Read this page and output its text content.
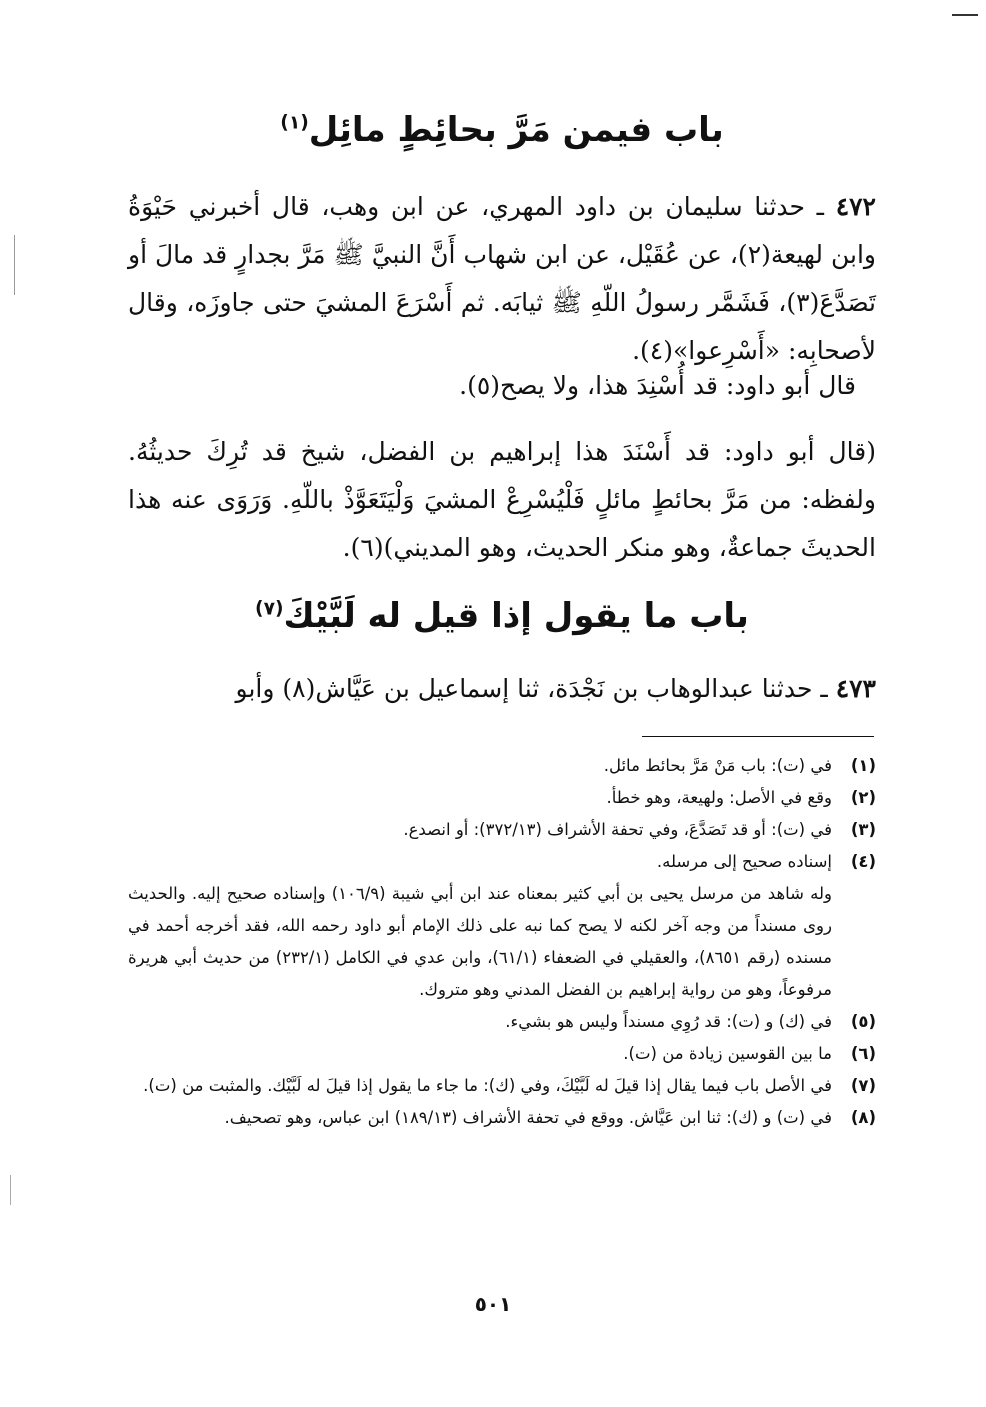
باب فيمن مَرَّ بحائِطٍ مائِل$^{(١)}$

٤٧٢ ـ حدثنا سليمان بن داود المهري، عن ابن وهب، قال أخبرني حَيْوَةُ وابن لهيعة(٢)، عن عُقَيْل، عن ابن شهاب أَنَّ النبيَّ ﷺ مَرَّ بجدارٍ قد مالَ أو تَصَدَّعَ(٣)، فَشَمَّر رسولُ اللّهِ ﷺ ثيابَه. ثم أَسْرَعَ المشيَ حتى جاوزَه، وقال لأصحابِه: «أَسْرِعوا»(٤).

قال أبو داود: قد أُسْنِدَ هذا، ولا يصح(٥).

(قال أبو داود: قد أَسْنَدَ هذا إبراهيم بن الفضل، شيخ قد تُرِكَ حديثُهُ. ولفظه: من مَرَّ بحائطٍ مائلٍ فَلْيُسْرِعْ المشيَ وَلْيَتَعَوَّذْ باللّهِ. وَرَوَى عنه هذا الحديثَ جماعةٌ، وهو منكر الحديث، وهو المديني)(٦).

باب ما يقول إذا قيل له لَبَّيْكَ$^{(٧)}$

٤٧٣ ـ حدثنا عبدالوهاب بن نَجْدَة، ثنا إسماعيل بن عَيَّاش(٨) وأبو

(١)
في (ت): باب مَنْ مَرَّ بحائط مائل.
(٢)
وقع في الأصل: ولهيعة، وهو خطأ.
(٣)
في (ت): أو قد تَصَدَّعَ، وفي تحفة الأشراف (٣٧٢/١٣): أو انصدع.
(٤)
إسناده صحيح إلى مرسله.

وله شاهد من مرسل يحيى بن أبي كثير بمعناه عند ابن أبي شيبة (١٠٦/٩) وإسناده صحيح إليه. والحديث روى مسنداً من وجه آخر لكنه لا يصح كما نبه على ذلك الإمام أبو داود رحمه الله، فقد أخرجه أحمد في مسنده (رقم ٨٦٥١)، والعقيلي في الضعفاء (٦١/١)، وابن عدي في الكامل (٢٣٢/١) من حديث أبي هريرة مرفوعاً، وهو من رواية إبراهيم بن الفضل المدني وهو متروك.

(٥)
في (ك) و (ت): قد رُوِي مسنداً وليس هو بشيء.
(٦)
ما بين القوسين زيادة من (ت).
(٧)
في الأصل باب فيما يقال إذا قيلَ له لَبَّيْكَ، وفي (ك): ما جاء ما يقول إذا قيلَ له لَبَّيْك. والمثبت من (ت).
(٨)
في (ت) و (ك): ثنا ابن عَيَّاش. ووقع في تحفة الأشراف (١٨٩/١٣) ابن عباس، وهو تصحيف.
٥٠١
